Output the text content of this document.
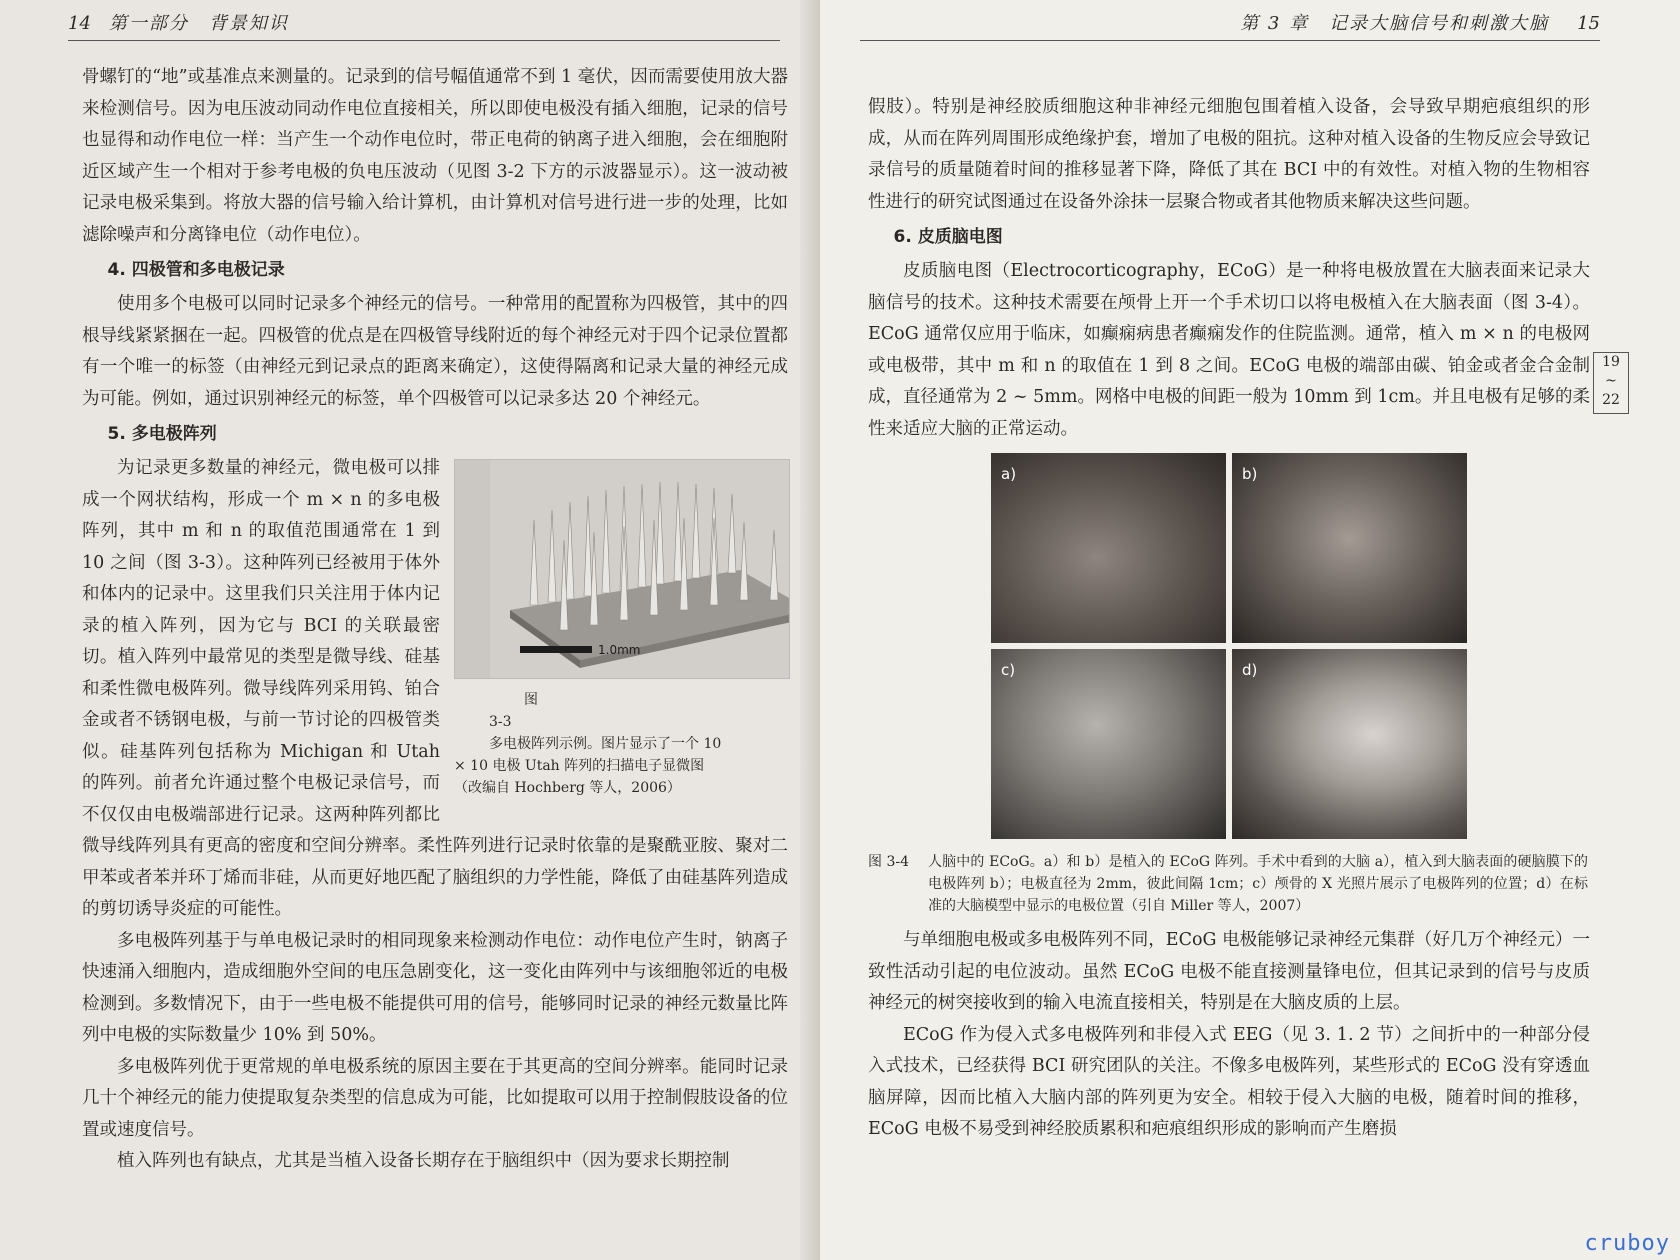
14 第一部分　背景知识

骨螺钉的“地”或基准点来测量的。记录到的信号幅值通常不到 1 毫伏，因而需要使用放大器来检测信号。因为电压波动同动作电位直接相关，所以即使电极没有插入细胞，记录的信号也显得和动作电位一样：当产生一个动作电位时，带正电荷的钠离子进入细胞，会在细胞附近区域产生一个相对于参考电极的负电压波动（见图 3-2 下方的示波器显示）。这一波动被记录电极采集到。将放大器的信号输入给计算机，由计算机对信号进行进一步的处理，比如滤除噪声和分离锋电位（动作电位）。

4. 四极管和多电极记录

使用多个电极可以同时记录多个神经元的信号。一种常用的配置称为四极管，其中的四根导线紧紧捆在一起。四极管的优点是在四极管导线附近的每个神经元对于四个记录位置都有一个唯一的标签（由神经元到记录点的距离来确定），这使得隔离和记录大量的神经元成为可能。例如，通过识别神经元的标签，单个四极管可以记录多达 20 个神经元。

5. 多电极阵列

1.0mm
图 3-3多电极阵列示例。图片显示了一个 10 × 10 电极 Utah 阵列的扫描电子显微图（改编自 Hochberg 等人，2006）
为记录更多数量的神经元，微电极可以排成一个网状结构，形成一个 m × n 的多电极阵列，其中 m 和 n 的取值范围通常在 1 到 10 之间（图 3-3）。这种阵列已经被用于体外和体内的记录中。这里我们只关注用于体内记录的植入阵列，因为它与 BCI 的关联最密切。植入阵列中最常见的类型是微导线、硅基和柔性微电极阵列。微导线阵列采用钨、铂合金或者不锈钢电极，与前一节讨论的四极管类似。硅基阵列包括称为 Michigan 和 Utah 的阵列。前者允许通过整个电极记录信号，而不仅仅由电极端部进行记录。这两种阵列都比微导线阵列具有更高的密度和空间分辨率。柔性阵列进行记录时依靠的是聚酰亚胺、聚对二甲苯或者苯并环丁烯而非硅，从而更好地匹配了脑组织的力学性能，降低了由硅基阵列造成的剪切诱导炎症的可能性。

多电极阵列基于与单电极记录时的相同现象来检测动作电位：动作电位产生时，钠离子快速涌入细胞内，造成细胞外空间的电压急剧变化，这一变化由阵列中与该细胞邻近的电极检测到。多数情况下，由于一些电极不能提供可用的信号，能够同时记录的神经元数量比阵列中电极的实际数量少 10% 到 50%。

多电极阵列优于更常规的单电极系统的原因主要在于其更高的空间分辨率。能同时记录几十个神经元的能力使提取复杂类型的信息成为可能，比如提取可以用于控制假肢设备的位置或速度信号。

植入阵列也有缺点，尤其是当植入设备长期存在于脑组织中（因为要求长期控制

第 3 章　记录大脑信号和刺激大脑 15

假肢）。特别是神经胶质细胞这种非神经元细胞包围着植入设备，会导致早期疤痕组织的形成，从而在阵列周围形成绝缘护套，增加了电极的阻抗。这种对植入设备的生物反应会导致记录信号的质量随着时间的推移显著下降，降低了其在 BCI 中的有效性。对植入物的生物相容性进行的研究试图通过在设备外涂抹一层聚合物或者其他物质来解决这些问题。

6. 皮质脑电图

皮质脑电图（Electrocorticography，ECoG）是一种将电极放置在大脑表面来记录大脑信号的技术。这种技术需要在颅骨上开一个手术切口以将电极植入在大脑表面（图 3-4）。ECoG 通常仅应用于临床，如癫痫病患者癫痫发作的住院监测。通常，植入 m × n 的电极网或电极带，其中 m 和 n 的取值在 1 到 8 之间。ECoG 电极的端部由碳、铂金或者金合金制成，直径通常为 2 ~ 5mm。网格中电极的间距一般为 10mm 到 1cm。并且电极有足够的柔性来适应大脑的正常运动。

a)	b)
c)	d)
图 3-4 人脑中的 ECoG。a）和 b）是植入的 ECoG 阵列。手术中看到的大脑 a），植入到大脑表面的硬脑膜下的电极阵列 b）；电极直径为 2mm，彼此间隔 1cm；c）颅骨的 X 光照片展示了电极阵列的位置；d）在标准的大脑模型中显示的电极位置（引自 Miller 等人，2007）

与单细胞电极或多电极阵列不同，ECoG 电极能够记录神经元集群（好几万个神经元）一致性活动引起的电位波动。虽然 ECoG 电极不能直接测量锋电位，但其记录到的信号与皮质神经元的树突接收到的输入电流直接相关，特别是在大脑皮质的上层。

ECoG 作为侵入式多电极阵列和非侵入式 EEG（见 3. 1. 2 节）之间折中的一种部分侵入式技术，已经获得 BCI 研究团队的关注。不像多电极阵列，某些形式的 ECoG 没有穿透血脑屏障，因而比植入大脑内部的阵列更为安全。相较于侵入大脑的电极，随着时间的推移，ECoG 电极不易受到神经胶质累积和疤痕组织形成的影响而产生磨损

19
~
22
cruboy
